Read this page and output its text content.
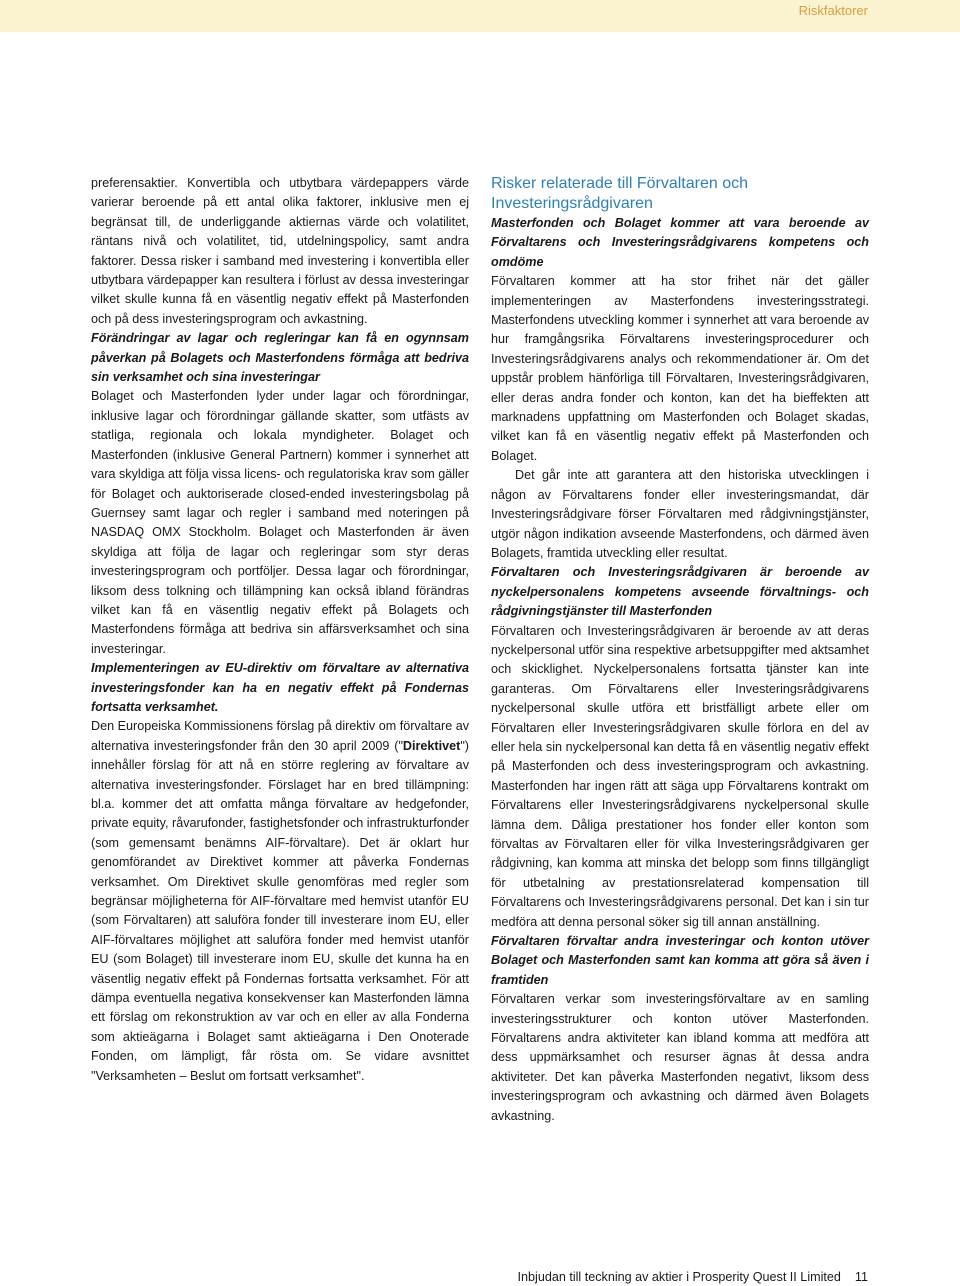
Riskfaktorer

preferensaktier. Konvertibla och utbytbara värdepappers värde varierar beroende på ett antal olika faktorer, inklusive men ej begränsat till, de underliggande aktiernas värde och volatilitet, räntans nivå och volatilitet, tid, utdelningspolicy, samt andra faktorer. Dessa risker i samband med investering i konvertibla eller utbytbara värdepapper kan resultera i förlust av dessa investeringar vilket skulle kunna få en väsentlig negativ effekt på Masterfonden och på dess investeringsprogram och avkastning.

Förändringar av lagar och regleringar kan få en ogynnsam påverkan på Bolagets och Masterfondens förmåga att bedriva sin verksamhet och sina investeringar

Bolaget och Masterfonden lyder under lagar och förordningar, inklusive lagar och förordningar gällande skatter, som utfästs av statliga, regionala och lokala myndigheter. Bolaget och Masterfonden (inklusive General Partnern) kommer i synnerhet att vara skyldiga att följa vissa licens- och regulatoriska krav som gäller för Bolaget och auktoriserade closed-ended investeringsbolag på Guernsey samt lagar och regler i samband med noteringen på NASDAQ OMX Stockholm. Bolaget och Masterfonden är även skyldiga att följa de lagar och regleringar som styr deras investeringsprogram och portföljer. Dessa lagar och förordningar, liksom dess tolkning och tillämpning kan också ibland förändras vilket kan få en väsentlig negativ effekt på Bolagets och Masterfondens förmåga att bedriva sin affärsverksamhet och sina investeringar.

Implementeringen av EU-direktiv om förvaltare av alternativa investeringsfonder kan ha en negativ effekt på Fondernas fortsatta verksamhet.

Den Europeiska Kommissionens förslag på direktiv om förvaltare av alternativa investeringsfonder från den 30 april 2009 ("Direktivet") innehåller förslag för att nå en större reglering av förvaltare av alternativa investeringsfonder. Förslaget har en bred tillämpning: bl.a. kommer det att omfatta många förvaltare av hedgefonder, private equity, råvarufonder, fastighetsfonder och infrastrukturfonder (som gemensamt benämns AIF-förvaltare). Det är oklart hur genomförandet av Direktivet kommer att påverka Fondernas verksamhet. Om Direktivet skulle genomföras med regler som begränsar möjligheterna för AIF-förvaltare med hemvist utanför EU (som Förvaltaren) att saluföra fonder till investerare inom EU, eller AIF-förvaltares möjlighet att saluföra fonder med hemvist utanför EU (som Bolaget) till investerare inom EU, skulle det kunna ha en väsentlig negativ effekt på Fondernas fortsatta verksamhet. För att dämpa eventuella negativa konsekvenser kan Masterfonden lämna ett förslag om rekonstruktion av var och en eller av alla Fonderna som aktieägarna i Bolaget samt aktieägarna i Den Onoterade Fonden, om lämpligt, får rösta om. Se vidare avsnittet "Verksamheten – Beslut om fortsatt verksamhet".

Risker relaterade till Förvaltaren och Investeringsrådgivaren

Masterfonden och Bolaget kommer att vara beroende av Förvaltarens och Investeringsrådgivarens kompetens och omdöme

Förvaltaren kommer att ha stor frihet när det gäller implementeringen av Masterfondens investeringsstrategi. Masterfondens utveckling kommer i synnerhet att vara beroende av hur framgångsrika Förvaltarens investeringsprocedurer och Investeringsrådgivarens analys och rekommendationer är. Om det uppstår problem hänförliga till Förvaltaren, Investeringsrådgivaren, eller deras andra fonder och konton, kan det ha bieffekten att marknadens uppfattning om Masterfonden och Bolaget skadas, vilket kan få en väsentlig negativ effekt på Masterfonden och Bolaget.

Det går inte att garantera att den historiska utvecklingen i någon av Förvaltarens fonder eller investeringsmandat, där Investeringsrådgivare förser Förvaltaren med rådgivningstjänster, utgör någon indikation avseende Masterfondens, och därmed även Bolagets, framtida utveckling eller resultat.

Förvaltaren och Investeringsrådgivaren är beroende av nyckelpersonalens kompetens avseende förvaltnings- och rådgivningstjänster till Masterfonden

Förvaltaren och Investeringsrådgivaren är beroende av att deras nyckelpersonal utför sina respektive arbetsuppgifter med aktsamhet och skicklighet. Nyckelpersonalens fortsatta tjänster kan inte garanteras. Om Förvaltarens eller Investeringsrådgivarens nyckelpersonal skulle utföra ett bristfälligt arbete eller om Förvaltaren eller Investeringsrådgivaren skulle förlora en del av eller hela sin nyckelpersonal kan detta få en väsentlig negativ effekt på Masterfonden och dess investeringsprogram och avkastning. Masterfonden har ingen rätt att säga upp Förvaltarens kontrakt om Förvaltarens eller Investeringsrådgivarens nyckelpersonal skulle lämna dem. Dåliga prestationer hos fonder eller konton som förvaltas av Förvaltaren eller för vilka Investeringsrådgivaren ger rådgivning, kan komma att minska det belopp som finns tillgängligt för utbetalning av prestationsrelaterad kompensation till Förvaltarens och Investeringsrådgivarens personal. Det kan i sin tur medföra att denna personal söker sig till annan anställning.

Förvaltaren förvaltar andra investeringar och konton utöver Bolaget och Masterfonden samt kan komma att göra så även i framtiden

Förvaltaren verkar som investeringsförvaltare av en samling investeringsstrukturer och konton utöver Masterfonden. Förvaltarens andra aktiviteter kan ibland komma att medföra att dess uppmärksamhet och resurser ägnas åt dessa andra aktiviteter. Det kan påverka Masterfonden negativt, liksom dess investeringsprogram och avkastning och därmed även Bolagets avkastning.

Inbjudan till teckning av aktier i Prosperity Quest II Limited 11
